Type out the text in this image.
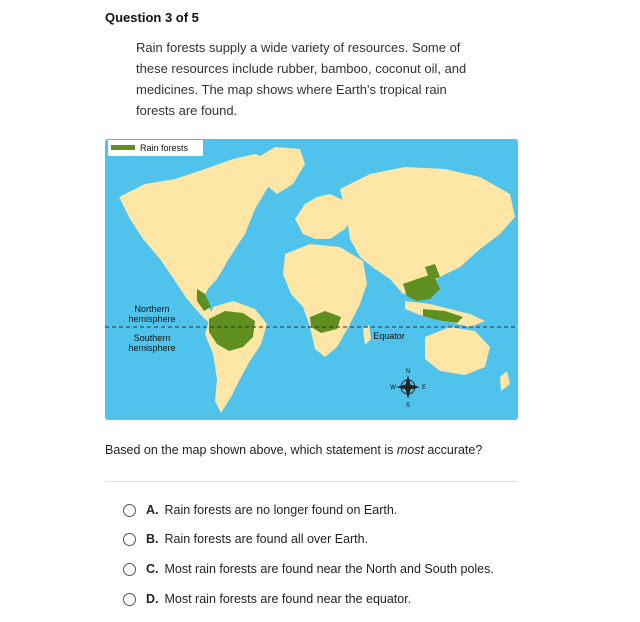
Question 3 of 5
Rain forests supply a wide variety of resources. Some of these resources include rubber, bamboo, coconut oil, and medicines. The map shows where Earth's tropical rain forests are found.
Rain forests
Northern
hemisphere
Southern
hemisphere
Equator
N
S
W	E
Based on the map shown above, which statement is most accurate?
A. Rain forests are no longer found on Earth.
B. Rain forests are found all over Earth.
C. Most rain forests are found near the North and South poles.
D. Most rain forests are found near the equator.
